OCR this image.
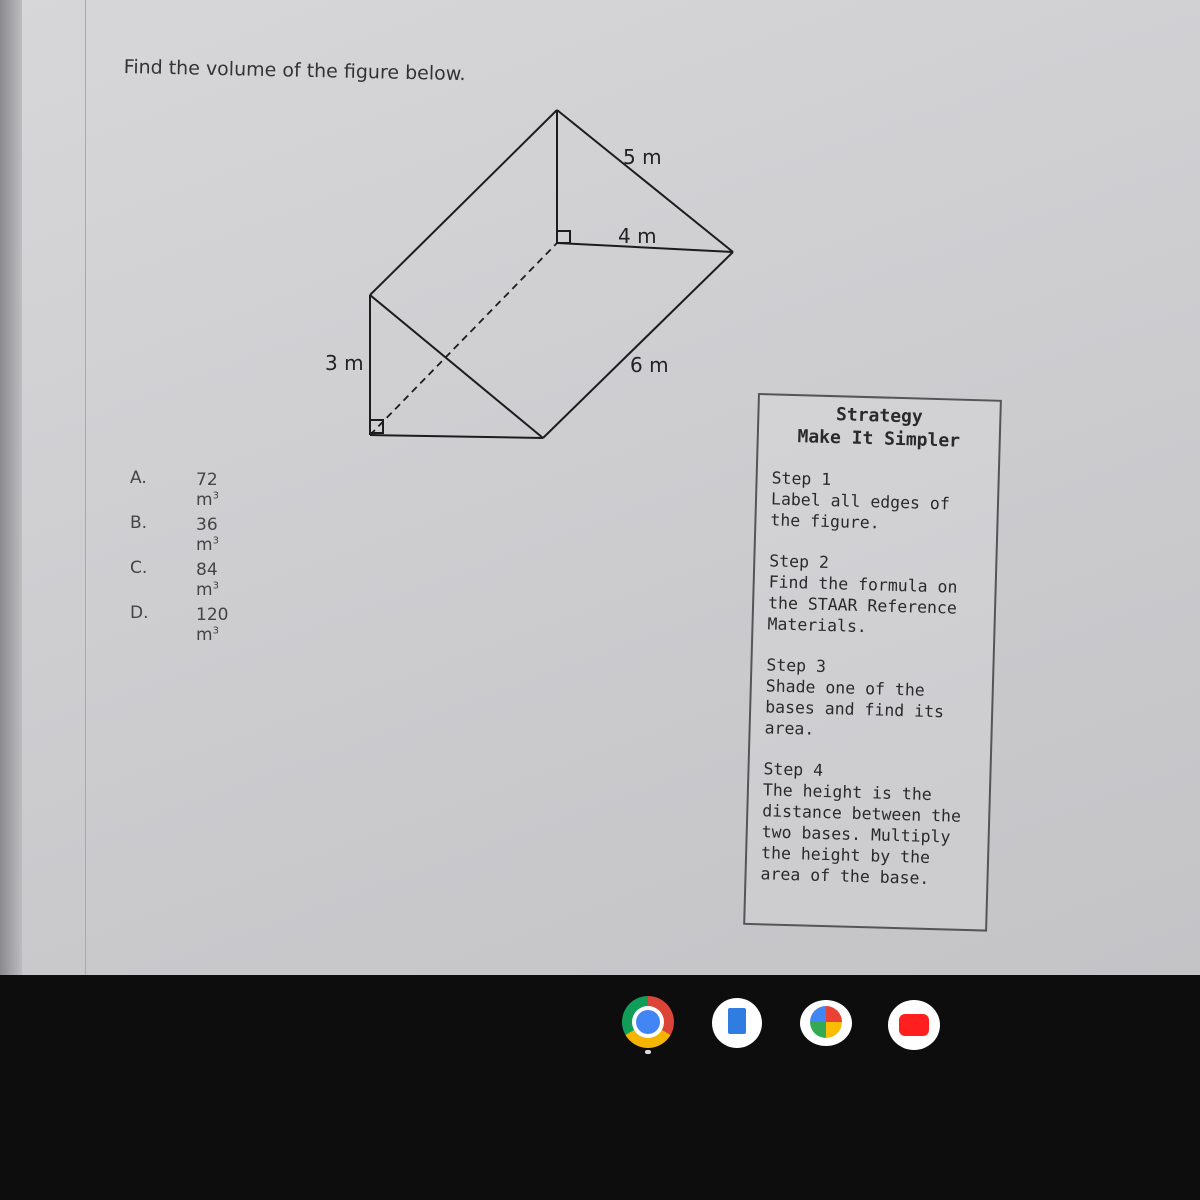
Find the volume of the figure below.
5 m
4 m
3 m	6 m
A.	72 $m^3$
B.	36 $m^3$
C.	84 $m^3$
D.	120 $m^3$
Strategy
Make It Simpler
Step 1
Label all edges of the figure.
Step 2
Find the formula on the STAAR Reference Materials.
Step 3
Shade one of the bases and find its area.
Step 4
The height is the distance between the two bases. Multiply the height by the area of the base.
